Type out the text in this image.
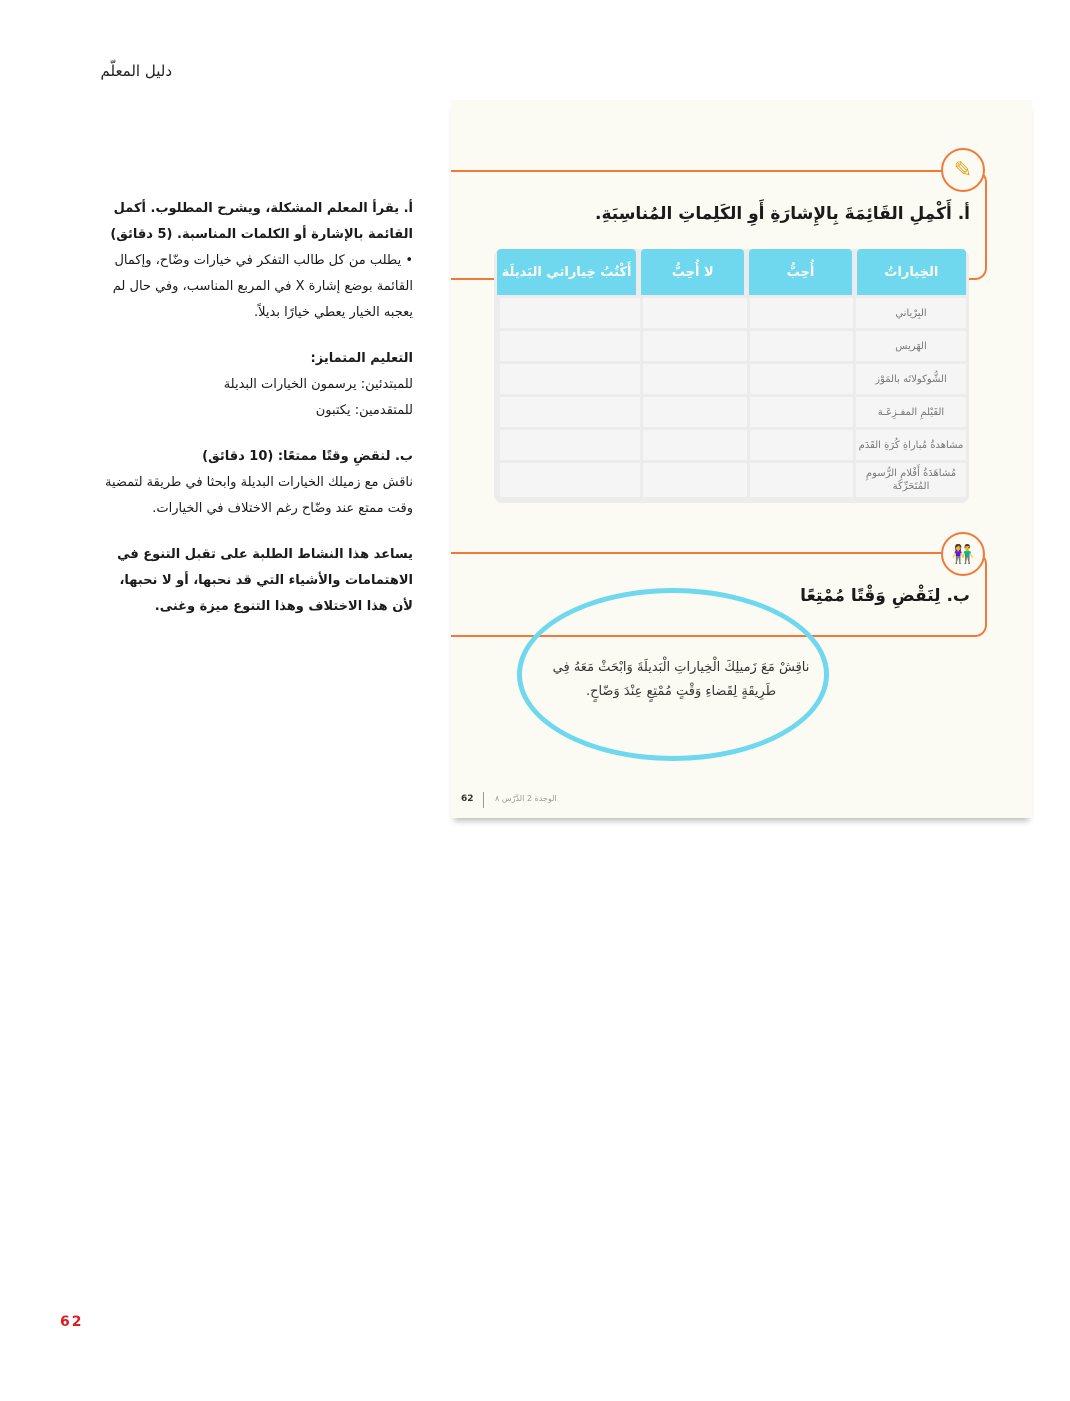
دليل المعلّم

أ. يقرأ المعلم المشكلة، ويشرح المطلوب. أكمل القائمة بالإشارة أو الكلمات المناسبة. (5 دقائق)

• يطلب من كل طالب التفكر في خيارات وضّاح، وإكمال القائمة بوضع إشارة X في المربع المناسب، وفي حال لم يعجبه الخيار يعطي خيارًا بديلاً.

التعليم المتمايز:

للمبتدئين: يرسمون الخيارات البديلة

للمتقدمين: يكتبون

ب. لنقضِ وقتًا ممتعًا: (10 دقائق)

ناقش مع زميلك الخيارات البديلة وابحثا في طريقة لتمضية وقت ممتع عند وضّاح رغم الاختلاف في الخيارات.

يساعد هذا النشاط الطلبة على تقبل التنوع في الاهتمامات والأشياء التي قد نحبها، أو لا نحبها، لأن هذا الاختلاف وهذا التنوع ميزة وغنى.

✎
أ. أَكْمِلِ القَائِمَةَ بِالإِشارَةِ أَوِ الكَلِماتِ المُناسِبَةِ.
الخِياراتُ
أُحِبُّ
لا أُحِبُّ
أَكْتُبُ خِياراتي البَديلَة
البِرْياني
الهَريس
الشُّوكولاتَه بالمَوْز
الفَيْلمِ المفـزِعَـة
مشاهدةُ مُباراةِ كُرَةِ القَدَم
مُشاهَدَةُ أَفْلامِ الرُّسومِ المُتَحَرِّكَة
👫
ب. لِنَقْضِ وَقْتًا مُمْتِعًا
ناقِشْ مَعَ زَميلِكَ الْخِياراتِ الْبَديلَةَ وَابْحَثْ مَعَهُ فِي طَرِيقَةٍ لِقَضاءِ وَقْتٍ مُمْتِعٍ عِنْدَ وَضّاحٍ.
62	الوحدة 2 الدَّرْس ٨
62
